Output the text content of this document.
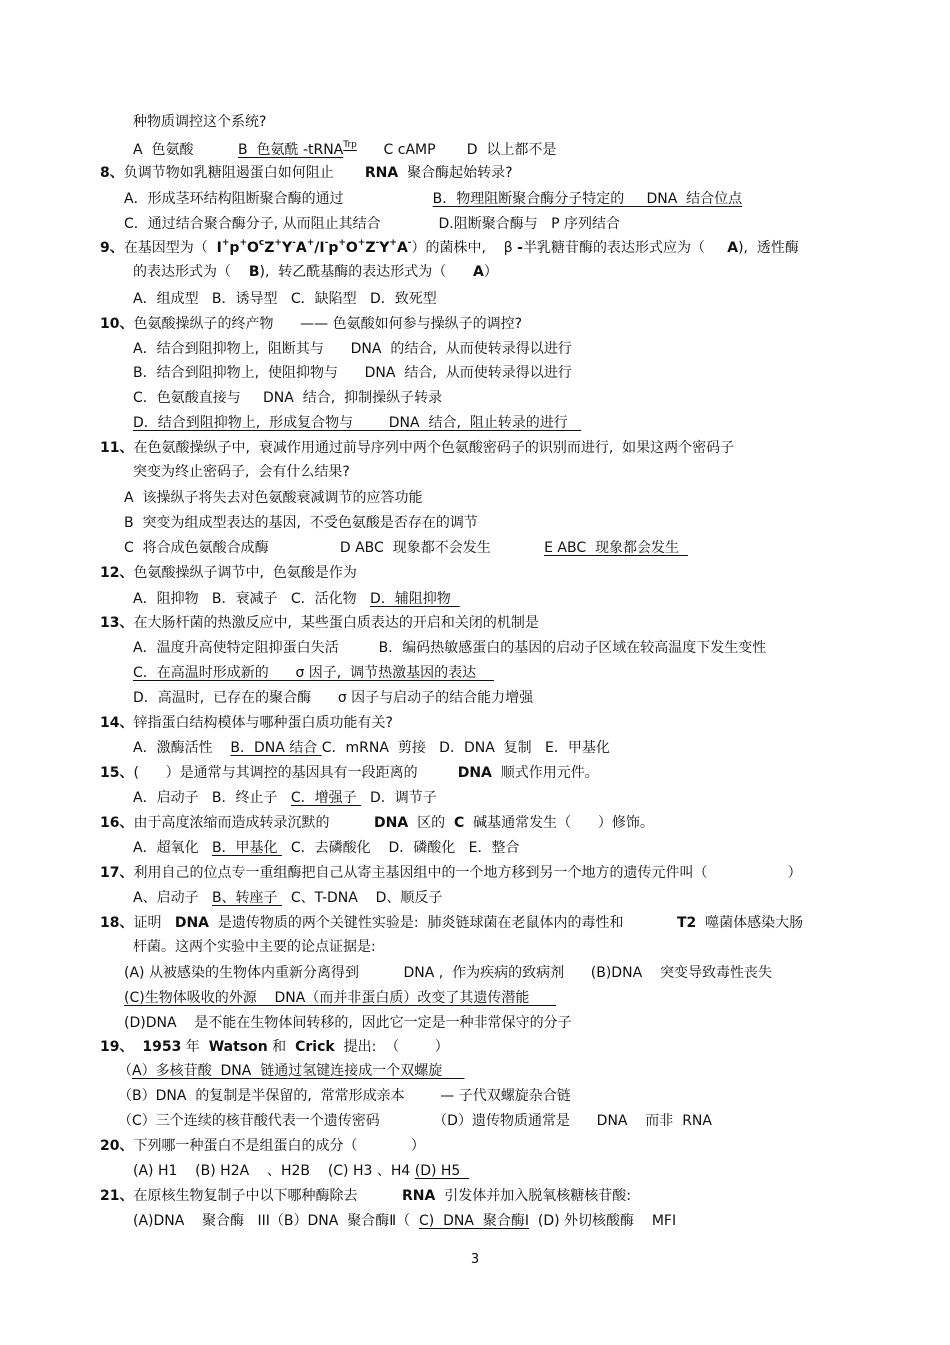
种物质调控这个系统?
A  色氨酸          B  色氨酰 -tRNA$^{Trp}$      C cAMP       D  以上都不是
8、负调节物如乳糖阻遏蛋白如何阻止       RNA  聚合酶起始转录?
A．形成茎环结构阻断聚合酶的通过                    B．物理阻断聚合酶分子特定的     DNA  结合位点
C．通过结合聚合酶分子, 从而阻止其结合             D.阻断聚合酶与   P 序列结合
9、在基因型为（  $I^+p^+O^cZ^+Y^-A^+/I^-p^+O^+Z^-Y^+A^-$）的菌株中,    β -半乳糖苷酶的表达形式应为（     A),  透性酶
的表达形式为（    B),  转乙酰基酶的表达形式为（      A）
A．组成型   B．诱导型   C．缺陷型   D．致死型
10、色氨酸操纵子的终产物      —— 色氨酸如何参与操纵子的调控?
A．结合到阻抑物上,  阻断其与      DNA  的结合,  从而使转录得以进行
B．结合到阻抑物上,  使阻抑物与      DNA  结合,  从而使转录得以进行
C．色氨酸直接与     DNA  结合,  抑制操纵子转录
D．结合到阻抑物上,  形成复合物与        DNA  结合,  阻止转录的进行
11、在色氨酸操纵子中,  衰减作用通过前导序列中两个色氨酸密码子的识别而进行,  如果这两个密码子
突变为终止密码子,  会有什么结果?
A  该操纵子将失去对色氨酸衰减调节的应答功能
B  突变为组成型表达的基因,  不受色氨酸是否存在的调节
C  将合成色氨酸合成酶                D ABC  现象都不会发生            E ABC  现象都会发生
12、色氨酸操纵子调节中,  色氨酸是作为
A．阻抑物   B．衰减子   C．活化物   D．辅阻抑物
13、在大肠杆菌的热激反应中,  某些蛋白质表达的开启和关闭的机制是
A．温度升高使特定阻抑蛋白失活         B．编码热敏感蛋白的基因的启动子区域在较高温度下发生变性
C．在高温时形成新的      σ 因子,  调节热激基因的表达
D．高温时,  已存在的聚合酶      σ 因子与启动子的结合能力增强
14、锌指蛋白结构模体与哪种蛋白质功能有关?
A．激酶活性    B．DNA 结合 C．mRNA  剪接   D．DNA  复制   E．甲基化
15、(      ）是通常与其调控的基因具有一段距离的         DNA  顺式作用元件。
A．启动子   B．终止子   C．增强子   D．调节子
16、由于高度浓缩而造成转录沉默的          DNA  区的  C  碱基通常发生（      ）修饰。
A．超氧化   B．甲基化   C．去磷酸化    D．磷酸化   E．整合
17、利用自己的位点专一重组酶把自己从寄主基因组中的一个地方移到另一个地方的遗传元件叫（                  ）
A、启动子   B、转座子   C、T-DNA    D、顺反子
18、证明   DNA  是遗传物质的两个关键性实验是:  肺炎链球菌在老鼠体内的毒性和            T2  噬菌体感染大肠
杆菌。这两个实验中主要的论点证据是:
(A) 从被感染的生物体内重新分离得到          DNA ,  作为疾病的致病剂      (B)DNA    突变导致毒性丧失
(C)生物体吸收的外源    DNA（而并非蛋白质）改变了其遗传潜能
(D)DNA    是不能在生物体间转移的,  因此它一定是一种非常保守的分子
19、 1953 年  Watson 和  Crick  提出:  （        ）
（A）多核苷酸  DNA  链通过氢键连接成一个双螺旋
（B）DNA  的复制是半保留的,  常常形成亲本        — 子代双螺旋杂合链
（C）三个连续的核苷酸代表一个遗传密码            （D）遗传物质通常是      DNA    而非  RNA
20、下列哪一种蛋白不是组蛋白的成分（            ）
(A) H1    (B) H2A    、H2B    (C) H3 、H4 (D) H5
21、在原核生物复制子中以下哪种酶除去          RNA  引发体并加入脱氧核糖核苷酸:
(A)DNA    聚合酶   III（B）DNA  聚合酶Ⅱ（  C)  DNA  聚合酶Ⅰ  (D) 外切核酸酶    MFI
3
